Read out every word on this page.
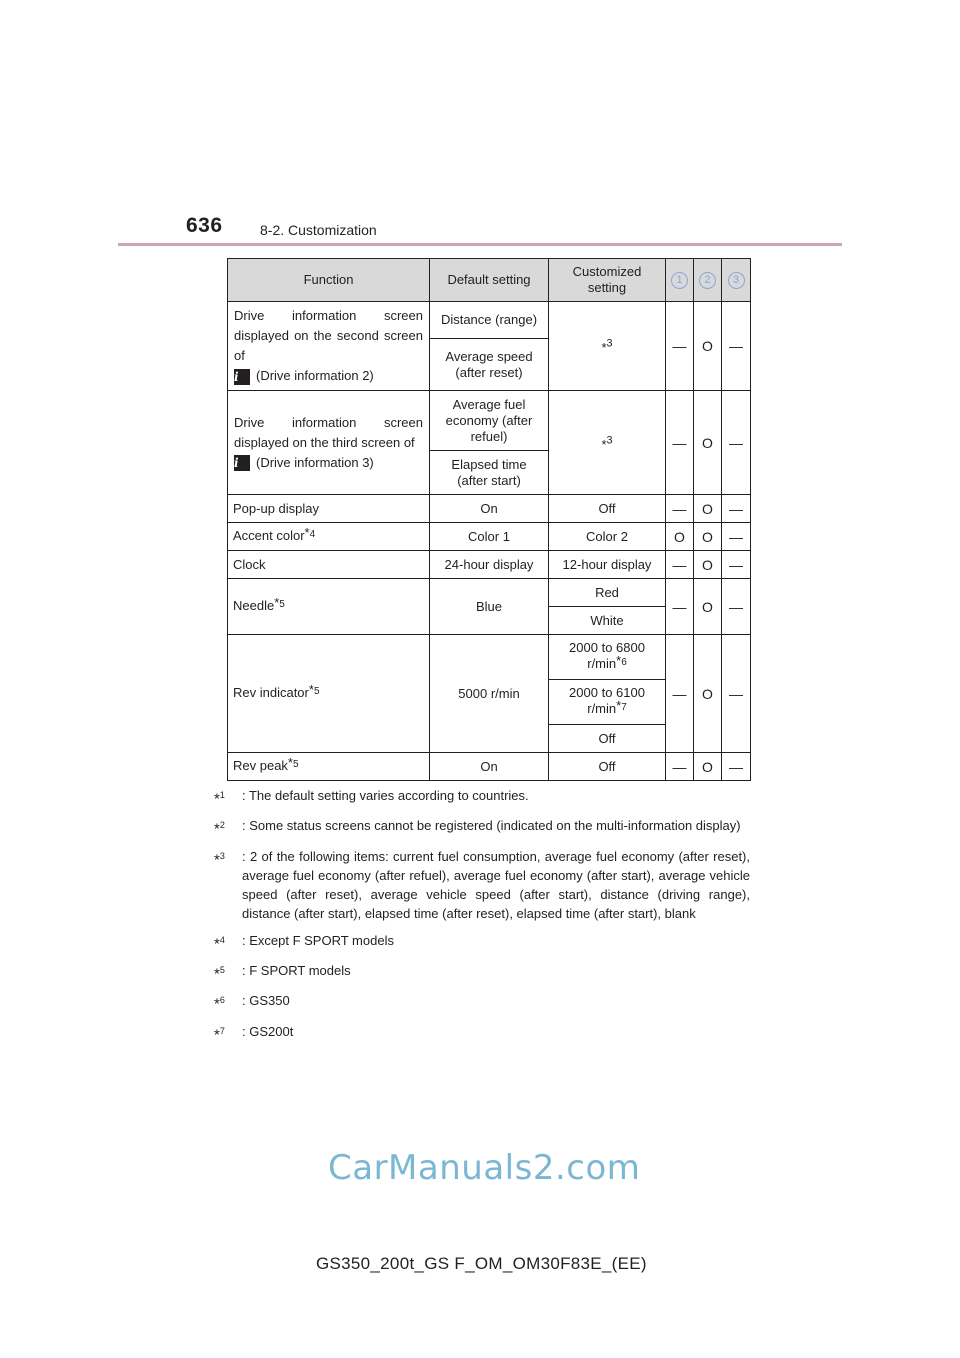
636	8-2. Customization
Function	Default setting	Customized setting	1	2	3
Drive information screen displayed on the second screen of
i (Drive information 2)	Distance (range)	*$^3$	—	O	—
	Average speed (after reset)				
Drive information screen displayed on the third screen of
i (Drive information 3)	Average fuel economy (after refuel)	*$^3$	—	O	—
	Elapsed time (after start)				
Pop-up display	On	Off	—	O	—
Accent color$^{*4}$	Color 1	Color 2	O	O	—
Clock	24-hour display	12-hour display	—	O	—
Needle$^{*5}$	Blue	Red	—	O	—
		White			
Rev indicator$^{*5}$	5000 r/min	2000 to 6800 $r/\min^{*6}$	—	O	—
		2000 to 6100 $r/\min^{*7}$
		Off			
Rev peak$^{*5}$	On	Off	—	O	—
*$^1$	: The default setting varies according to countries.
*$^2$	: Some status screens cannot be registered (indicated on the multi-information display)
*$^3$	: 2 of the following items: current fuel consumption, average fuel economy (after reset), average fuel economy (after refuel), average fuel economy (after start), average vehicle speed (after reset), average vehicle speed (after start), distance (driving range), distance (after start), elapsed time (after reset), elapsed time (after start), blank
*$^4$	: Except F SPORT models
*$^5$	: F SPORT models
*$^6$	: GS350
*$^7$	: GS200t
CarManuals2.com
GS350_200t_GS F_OM_OM30F83E_(EE)
